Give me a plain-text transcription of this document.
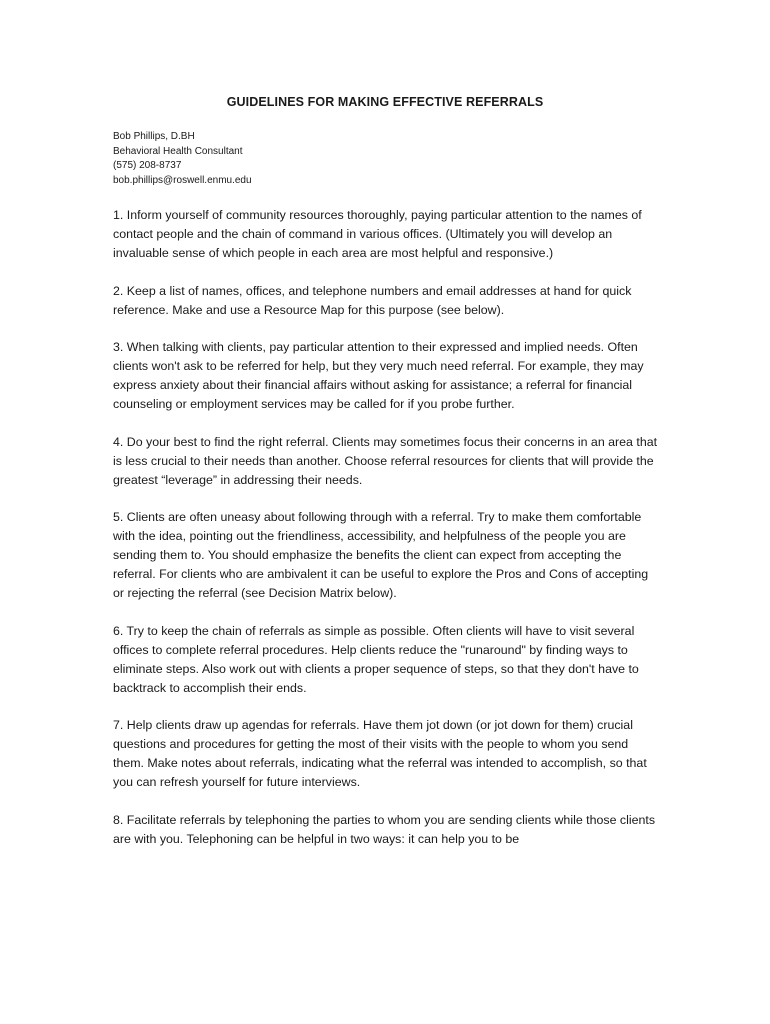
GUIDELINES FOR MAKING EFFECTIVE REFERRALS
Bob Phillips, D.BH
Behavioral Health Consultant
(575) 208-8737
bob.phillips@roswell.enmu.edu

1. Inform yourself of community resources thoroughly, paying particular attention to the names of contact people and the chain of command in various offices. (Ultimately you will develop an invaluable sense of which people in each area are most helpful and responsive.)

2. Keep a list of names, offices, and telephone numbers and email addresses at hand for quick reference. Make and use a Resource Map for this purpose (see below).

3. When talking with clients, pay particular attention to their expressed and implied needs. Often clients won't ask to be referred for help, but they very much need referral. For example, they may express anxiety about their financial affairs without asking for assistance; a referral for financial counseling or employment services may be called for if you probe further.

4. Do your best to find the right referral. Clients may sometimes focus their concerns in an area that is less crucial to their needs than another. Choose referral resources for clients that will provide the greatest “leverage” in addressing their needs.

5. Clients are often uneasy about following through with a referral. Try to make them comfortable with the idea, pointing out the friendliness, accessibility, and helpfulness of the people you are sending them to. You should emphasize the benefits the client can expect from accepting the referral. For clients who are ambivalent it can be useful to explore the Pros and Cons of accepting or rejecting the referral (see Decision Matrix below).

6. Try to keep the chain of referrals as simple as possible. Often clients will have to visit several offices to complete referral procedures. Help clients reduce the "runaround" by finding ways to eliminate steps. Also work out with clients a proper sequence of steps, so that they don't have to backtrack to accomplish their ends.

7. Help clients draw up agendas for referrals. Have them jot down (or jot down for them) crucial questions and procedures for getting the most of their visits with the people to whom you send them. Make notes about referrals, indicating what the referral was intended to accomplish, so that you can refresh yourself for future interviews.

8. Facilitate referrals by telephoning the parties to whom you are sending clients while those clients are with you. Telephoning can be helpful in two ways: it can help you to be
